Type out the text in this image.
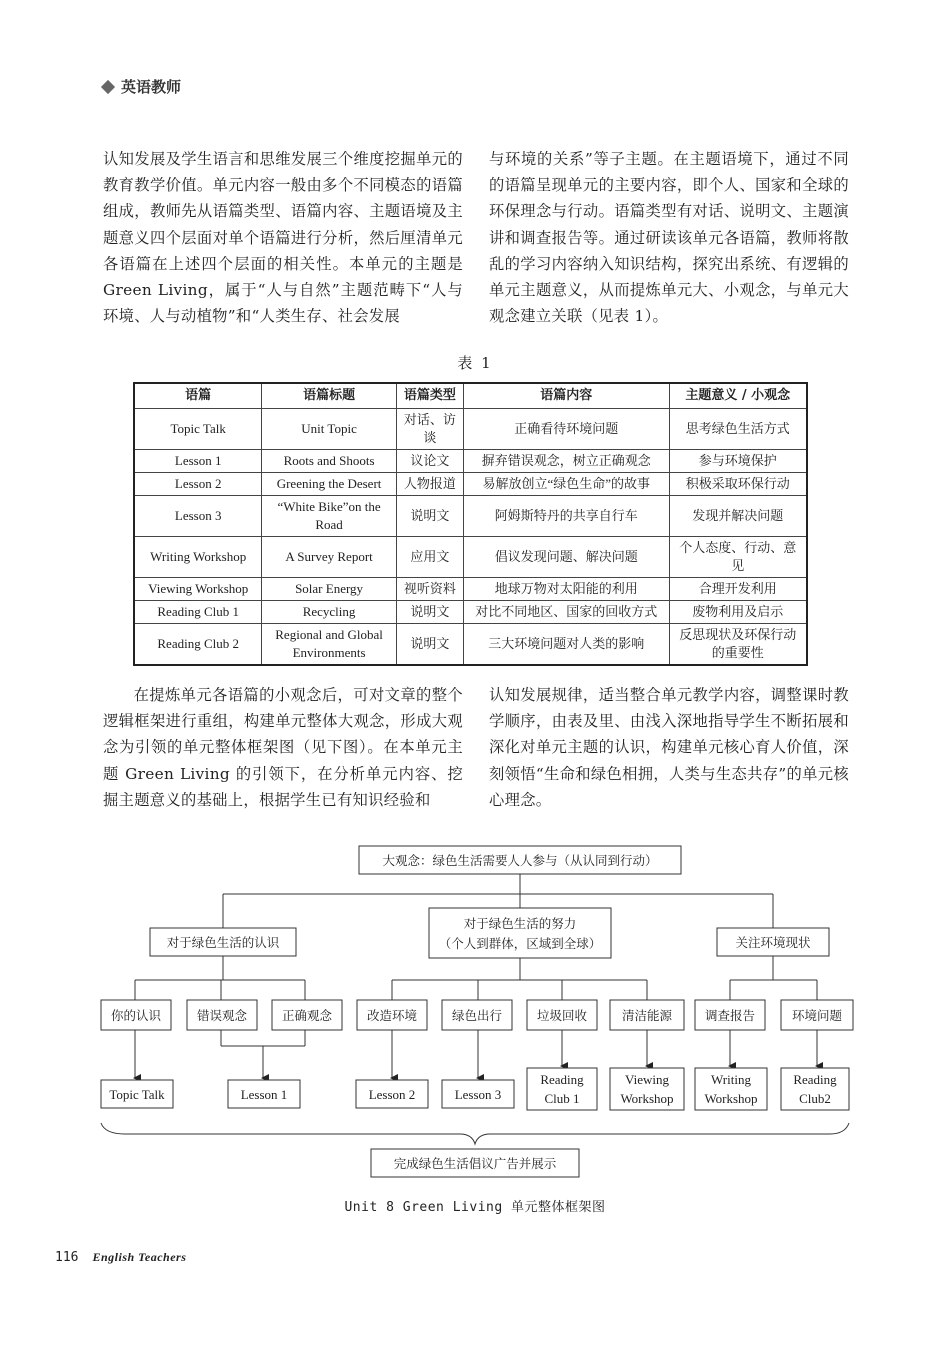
英语教师

认知发展及学生语言和思维发展三个维度挖掘单元的教育教学价值。单元内容一般由多个不同模态的语篇组成，教师先从语篇类型、语篇内容、主题语境及主题意义四个层面对单个语篇进行分析，然后厘清单元各语篇在上述四个层面的相关性。本单元的主题是 Green Living，属于“人与自然”主题范畴下“人与环境、人与动植物”和“人类生存、社会发展

与环境的关系”等子主题。在主题语境下，通过不同的语篇呈现单元的主要内容，即个人、国家和全球的环保理念与行动。语篇类型有对话、说明文、主题演讲和调查报告等。通过研读该单元各语篇，教师将散乱的学习内容纳入知识结构，探究出系统、有逻辑的单元主题意义，从而提炼单元大、小观念，与单元大观念建立关联（见表 1）。

表 1
语篇	语篇标题	语篇类型	语篇内容	主题意义 / 小观念
Topic Talk	Unit Topic	对话、访谈	正确看待环境问题	思考绿色生活方式
Lesson 1	Roots and Shoots	议论文	摒弃错误观念，树立正确观念	参与环境保护
Lesson 2	Greening the Desert	人物报道	易解放创立“绿色生命”的故事	积极采取环保行动
Lesson 3	“White Bike”on the Road	说明文	阿姆斯特丹的共享自行车	发现并解决问题
Writing Workshop	A Survey Report	应用文	倡议发现问题、解决问题	个人态度、行动、意见
Viewing Workshop	Solar Energy	视听资料	地球万物对太阳能的利用	合理开发利用
Reading Club 1	Recycling	说明文	对比不同地区、国家的回收方式	废物利用及启示
Reading Club 2	Regional and Global Environments	说明文	三大环境问题对人类的影响	反思现状及环保行动的重要性

在提炼单元各语篇的小观念后，可对文章的整个逻辑框架进行重组，构建单元整体大观念，形成大观念为引领的单元整体框架图（见下图）。在本单元主题 Green Living 的引领下，在分析单元内容、挖掘主题意义的基础上，根据学生已有知识经验和

认知发展规律，适当整合单元教学内容，调整课时教学顺序，由表及里、由浅入深地指导学生不断拓展和深化对单元主题的认识，构建单元核心育人价值，深刻领悟“生命和绿色相拥，人类与生态共存”的单元核心理念。

大观念：绿色生活需要人人参与（从认同到行动）
对于绿色生活的认识
对于绿色生活的努力
（个人到群体，区域到全球）	关注环境现状
你的认识	错误观念	正确观念	改造环境	绿色出行	垃圾回收	清洁能源	调查报告	环境问题
Topic Talk	Lesson 1	Lesson 2	Lesson 3
Reading
Club 1
Viewing
Workshop
Writing
Workshop
Reading
Club2
完成绿色生活倡议广告并展示
Unit 8 Green Living 单元整体框架图
116 English Teachers
